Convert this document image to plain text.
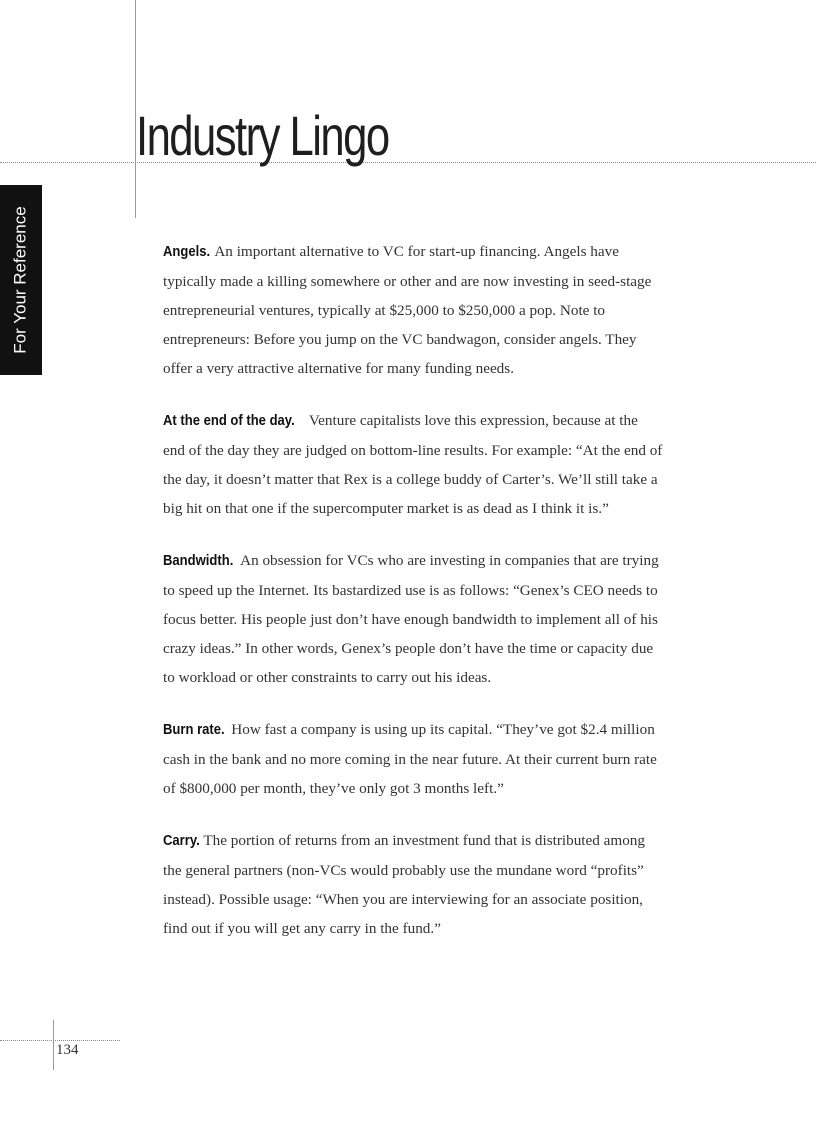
Industry Lingo
For Your Reference	Angels. An important alternative to VC for start-up financing. Angels have typically made a killing somewhere or other and are now investing in seed-stage entrepreneurial ventures, typically at $25,000 to $250,000 a pop. Note to entrepreneurs: Before you jump on the VC bandwagon, consider angels. They offer a very attractive alternative for many funding needs.

At the end of the day. Venture capitalists love this expression, because at the end of the day they are judged on bottom-line results. For example: “At the end of the day, it doesn’t matter that Rex is a college buddy of Carter’s. We’ll still take a big hit on that one if the supercomputer market is as dead as I think it is.”

Bandwidth. An obsession for VCs who are investing in companies that are trying to speed up the Internet. Its bastardized use is as follows: “Genex’s CEO needs to focus better. His people just don’t have enough bandwidth to implement all of his crazy ideas.” In other words, Genex’s people don’t have the time or capacity due to workload or other constraints to carry out his ideas.

Burn rate. How fast a company is using up its capital. “They’ve got $2.4 million cash in the bank and no more coming in the near future. At their current burn rate of $800,000 per month, they’ve only got 3 months left.”

Carry. The portion of returns from an investment fund that is distributed among the general partners (non-VCs would probably use the mundane word “profits” instead). Possible usage: “When you are interviewing for an associate position, find out if you will get any carry in the fund.”

134
